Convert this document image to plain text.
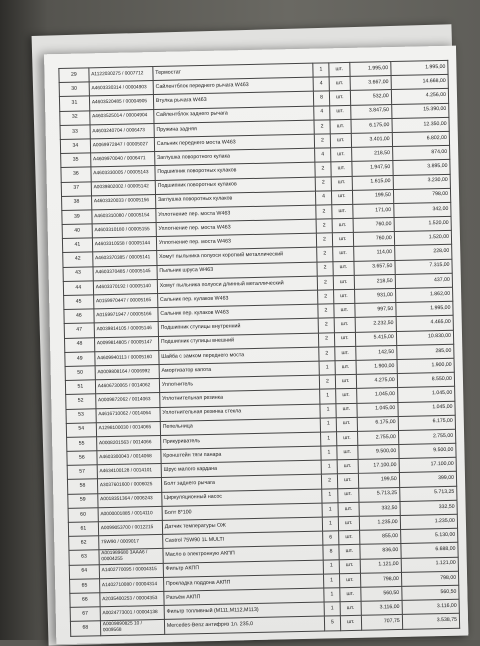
29	A1122030275 / 0007712	Термостат	1	шт.	1.995,00	1.995,00
30	A4603330314 / 00004903	Сайлентблок переднего рычага W463	4	шт.	3.667,00	14.668,00
31	A4603520485 / 00004905	Втулка рычага W463	8	шт.	532,00	4.256,00
32	A4603525014 / 00004904	Сайлентблок заднего рычага	4	шт.	3.847,50	15.390,00
33	A4603240704 / 0006473	Пружина задняя	2	шт.	6.175,00	12.350,00
34	A0069972847 / 00005027	Сальник переднего моста W463	2	шт.	3.401,00	6.802,00
35	A4609970040 / 0006471	Заглушка поворотного кулака	4	шт.	218,50	874,00
36	A4603330005 / 00005143	Подшипник поворотных кулаков	2	шт.	1.947,50	3.895,00
37	A0039802002 / 00005142	Подшипник поворотных кулаков	2	шт.	1.615,00	3.230,00
38	A4603320033 / 00005156	Заглушка поворотных кулаков	4	шт.	199,50	798,00
39	A4603310080 / 00005154	Уплотнение пер. моста W463	2	шт.	171,00	342,00
40	A4603310180 / 00005155	Уплотнение пер. моста W463	2	шт.	760,00	1.520,00
41	A4603310558 / 00005144	Уплотнение пер. моста W463	2	шт.	760,00	1.520,00
42	A4603370385 / 00005141	Хомут пыльника полуоси короткий металлический	2	шт.	114,00	228,00
43	A4603370485 / 00005145	Пыльник шруса W463	2	шт.	3.657,50	7.315,00
44	A4603370192 / 00005140	Хомут пыльника полуоси длинный металлический	2	шт.	218,50	437,00
45	A0159970447 / 00005165	Сальник пер. кулаков W463	2	шт.	931,00	1.862,00
46	A0159971947 / 00005166	Сальник пер. кулаков W463	2	шт.	997,50	1.995,00
47	A0039814105 / 00005146	Подшипник ступицы внутренний	2	шт.	2.232,50	4.465,00
48	A0099814805 / 00005147	Подшипник ступицы внешний	2	шт.	5.415,00	10.830,00
49	A4609940113 / 00005160	Шайба с замком переднего моста	2	шт.	142,50	285,00
50	A0009808164 / 0006992	Амортизатор капота	1	шт.	1.900,00	1.900,00
51	A4606730065 / 0014062	Уплотнитель	2	шт.	4.275,00	8.550,00
52	A0009872062 / 0014063	Уплотнительная резинка	1	шт.	1.045,00	1.045,00
53	A4616710062 / 0014064	Уплотнительная резинка стекла	1	шт.	1.045,00	1.045,00
54	A1298100030 / 0014065	Пепельница	1	шт.	6.175,00	6.175,00
55	A0008201563 / 0014066	Прикуриватель	1	шт.	2.755,00	2.755,00
56	A4603300043 / 0014068	Кронштейн тяги панара	1	шт.	9.500,00	9.500,00
57	A4634100128 / 0014101	Шрус малого кардана	1	шт.	17.100,00	17.100,00
58	A3037601600 / 0006025	Болт заднего рычага	2	шт.	199,50	399,00
59	A0018351364 / 0006243	Циркуляционный насос	1	шт.	5.713,25	5.713,25
60	A0000001885 / 0014110	Болт 8*100	1	шт.	332,50	332,50
61	A0099053700 / 0012215	Датчик температуры ОЖ	1	шт.	1.235,00	1.235,00
62	75W90 / 0009017	Castrol 75W90 1L MULTI	6	шт.	855,00	5.130,00
63	A001989680 3AAA6 / 00004255	Масло в электронную АКПП	8	шт.	836,00	6.688,00
64	A1402770095 / 00004315	Фильтр АКПП	1	шт.	1.121,00	1.121,00
65	A1402710080 / 00004314	Прокладка поддона АКПП	1	шт.	798,00	798,00
66	A2035400253 / 00004353	Разъём АКПП	1	шт.	560,50	560,50
67	A0024773001 / 00004138	Фильтр топливный (M111,M112,M113)	1	шт.	3.116,00	3.116,00
68	A0009890825 10 / 0009568	Mercedes-Benz антифриз 1л. 235,0	5	шт.	707,75	3.538,75
